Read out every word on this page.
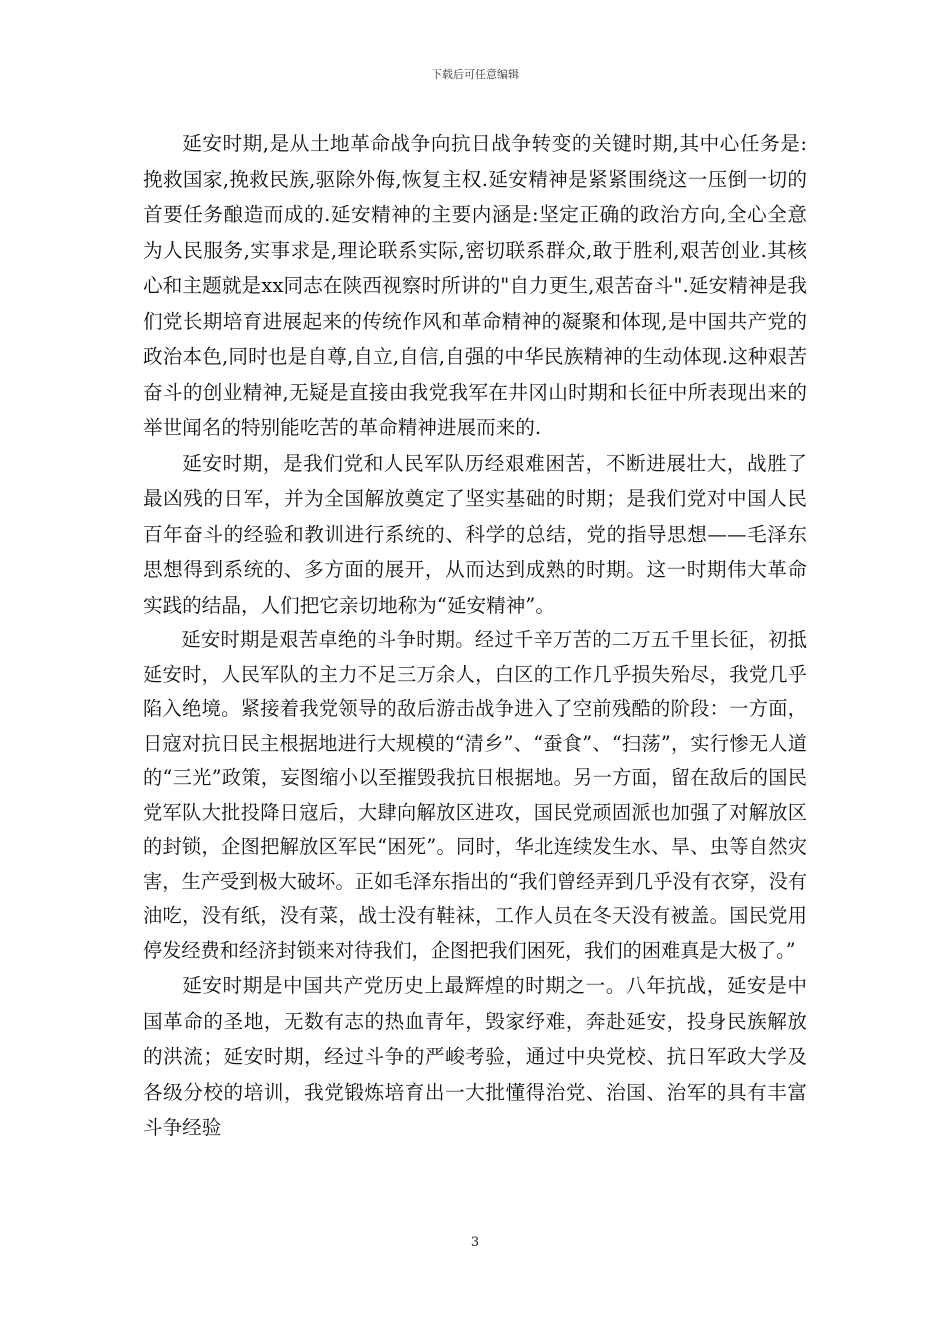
下载后可任意编辑

延安时期,是从土地革命战争向抗日战争转变的关键时期,其中心任务是:挽救国家,挽救民族,驱除外侮,恢复主权.延安精神是紧紧围绕这一压倒一切的首要任务酿造而成的.延安精神的主要内涵是:坚定正确的政治方向,全心全意为人民服务,实事求是,理论联系实际,密切联系群众,敢于胜利,艰苦创业.其核心和主题就是xx同志在陕西视察时所讲的"自力更生,艰苦奋斗".延安精神是我们党长期培育进展起来的传统作风和革命精神的凝聚和体现,是中国共产党的政治本色,同时也是自尊,自立,自信,自强的中华民族精神的生动体现.这种艰苦奋斗的创业精神,无疑是直接由我党我军在井冈山时期和长征中所表现出来的举世闻名的特别能吃苦的革命精神进展而来的.

延安时期，是我们党和人民军队历经艰难困苦，不断进展壮大，战胜了最凶残的日军，并为全国解放奠定了坚实基础的时期；是我们党对中国人民百年奋斗的经验和教训进行系统的、科学的总结，党的指导思想——毛泽东思想得到系统的、多方面的展开，从而达到成熟的时期。这一时期伟大革命实践的结晶，人们把它亲切地称为“延安精神”。

延安时期是艰苦卓绝的斗争时期。经过千辛万苦的二万五千里长征，初抵延安时，人民军队的主力不足三万余人，白区的工作几乎损失殆尽，我党几乎陷入绝境。紧接着我党领导的敌后游击战争进入了空前残酷的阶段：一方面，日寇对抗日民主根据地进行大规模的“清乡”、“蚕食”、“扫荡”，实行惨无人道的“三光”政策，妄图缩小以至摧毁我抗日根据地。另一方面，留在敌后的国民党军队大批投降日寇后，大肆向解放区进攻，国民党顽固派也加强了对解放区的封锁，企图把解放区军民“困死”。同时，华北连续发生水、旱、虫等自然灾害，生产受到极大破坏。正如毛泽东指出的“我们曾经弄到几乎没有衣穿，没有油吃，没有纸，没有菜，战士没有鞋袜，工作人员在冬天没有被盖。国民党用停发经费和经济封锁来对待我们，企图把我们困死，我们的困难真是大极了。”

延安时期是中国共产党历史上最辉煌的时期之一。八年抗战，延安是中国革命的圣地，无数有志的热血青年，毁家纾难，奔赴延安，投身民族解放的洪流；延安时期，经过斗争的严峻考验，通过中央党校、抗日军政大学及各级分校的培训，我党锻炼培育出一大批懂得治党、治国、治军的具有丰富斗争经验

3
